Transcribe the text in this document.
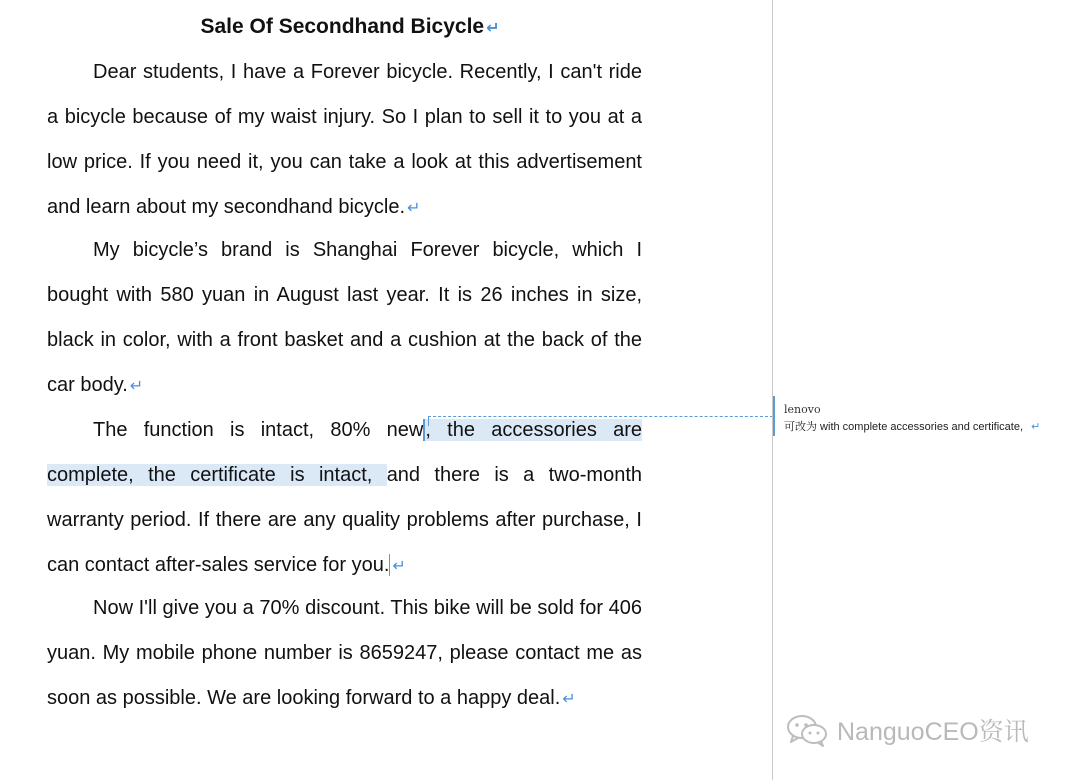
Sale Of Secondhand Bicycle ↵

Dear students, I have a Forever bicycle. Recently, I can't ride a bicycle because of my waist injury. So I plan to sell it to you at a low price. If you need it, you can take a look at this advertisement and learn about my secondhand bicycle. ↵

My bicycle’s brand is Shanghai Forever bicycle, which I bought with 580 yuan in August last year. It is 26 inches in size, black in color, with a front basket and a cushion at the back of the car body. ↵

The function is intact, 80% new , the accessories are complete, the certificate is intact, and there is a two-month warranty period. If there are any quality problems after purchase, I can contact after-sales service for you. ↵

Now I'll give you a 70% discount. This bike will be sold for 406 yuan. My mobile phone number is 8659247, please contact me as soon as possible. We are looking forward to a happy deal. ↵

lenovo
可改为 with complete accessories and certificate, ↵
NanguoCEO资讯
